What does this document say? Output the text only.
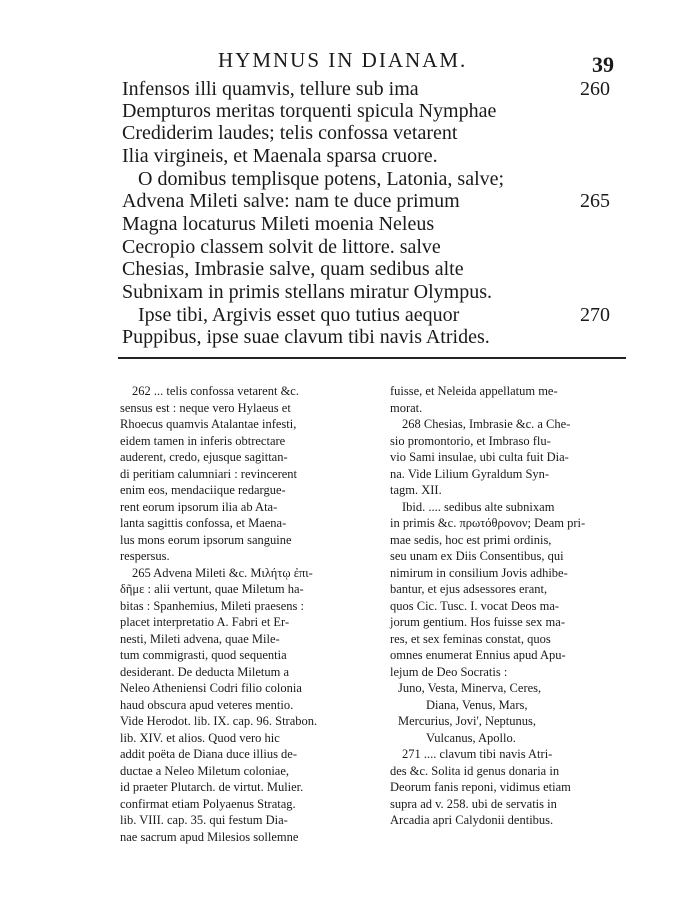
HYMNUS IN DIANAM.	39
Infensos illi quamvis, tellure sub ima	260
Dempturos meritas torquenti spicula Nymphae
Crediderim laudes; telis confossa vetarent
Ilia virgineis, et Maenala sparsa cruore.
O domibus templisque potens, Latonia, salve;
Advena Mileti salve: nam te duce primum	265
Magna locaturus Mileti moenia Neleus
Cecropio classem solvit de littore. salve
Chesias, Imbrasie salve, quam sedibus alte
Subnixam in primis stellans miratur Olympus.
Ipse tibi, Argivis esset quo tutius aequor	270
Puppibus, ipse suae clavum tibi navis Atrides.
262 ... telis confossa vetarent &c.
sensus est : neque vero Hylaeus et
Rhoecus quamvis Atalantae infesti,
eidem tamen in inferis obtrectare
auderent, credo, ejusque sagittan-
di peritiam calumniari : revincerent
enim eos, mendaciique redargue-
rent eorum ipsorum ilia ab Ata-
lanta sagittis confossa, et Maena-
lus mons eorum ipsorum sanguine
respersus.
265 Advena Mileti &c. Μιλήτῳ ἐπι-
δῆμε : alii vertunt, quae Miletum ha-
bitas : Spanhemius, Mileti praesens :
placet interpretatio A. Fabri et Er-
nesti, Mileti advena, quae Mile-
tum commigrasti, quod sequentia
desiderant. De deducta Miletum a
Neleo Atheniensi Codri filio colonia
haud obscura apud veteres mentio.
Vide Herodot. lib. IX. cap. 96. Strabon.
lib. XIV. et alios. Quod vero hic
addit poëta de Diana duce illius de-
ductae a Neleo Miletum coloniae,
id praeter Plutarch. de virtut. Mulier.
confirmat etiam Polyaenus Stratag.
lib. VIII. cap. 35. qui festum Dia-
nae sacrum apud Milesios sollemne
fuisse, et Neleida appellatum me-
morat.
268 Chesias, Imbrasie &c. a Che-
sio promontorio, et Imbraso flu-
vio Sami insulae, ubi culta fuit Dia-
na. Vide Lilium Gyraldum Syn-
tagm. XII.
Ibid. .... sedibus alte subnixam
in primis &c. πρωτόθρονον; Deam pri-
mae sedis, hoc est primi ordinis,
seu unam ex Diis Consentibus, qui
nimirum in consilium Jovis adhibe-
bantur, et ejus adsessores erant,
quos Cic. Tusc. I. vocat Deos ma-
jorum gentium. Hos fuisse sex ma-
res, et sex feminas constat, quos
omnes enumerat Ennius apud Apu-
lejum de Deo Socratis :
Juno, Vesta, Minerva, Ceres,
Diana, Venus, Mars,
Mercurius, Jovi', Neptunus,
Vulcanus, Apollo.
271 .... clavum tibi navis Atri-
des &c. Solita id genus donaria in
Deorum fanis reponi, vidimus etiam
supra ad v. 258. ubi de servatis in
Arcadia apri Calydonii dentibus.
